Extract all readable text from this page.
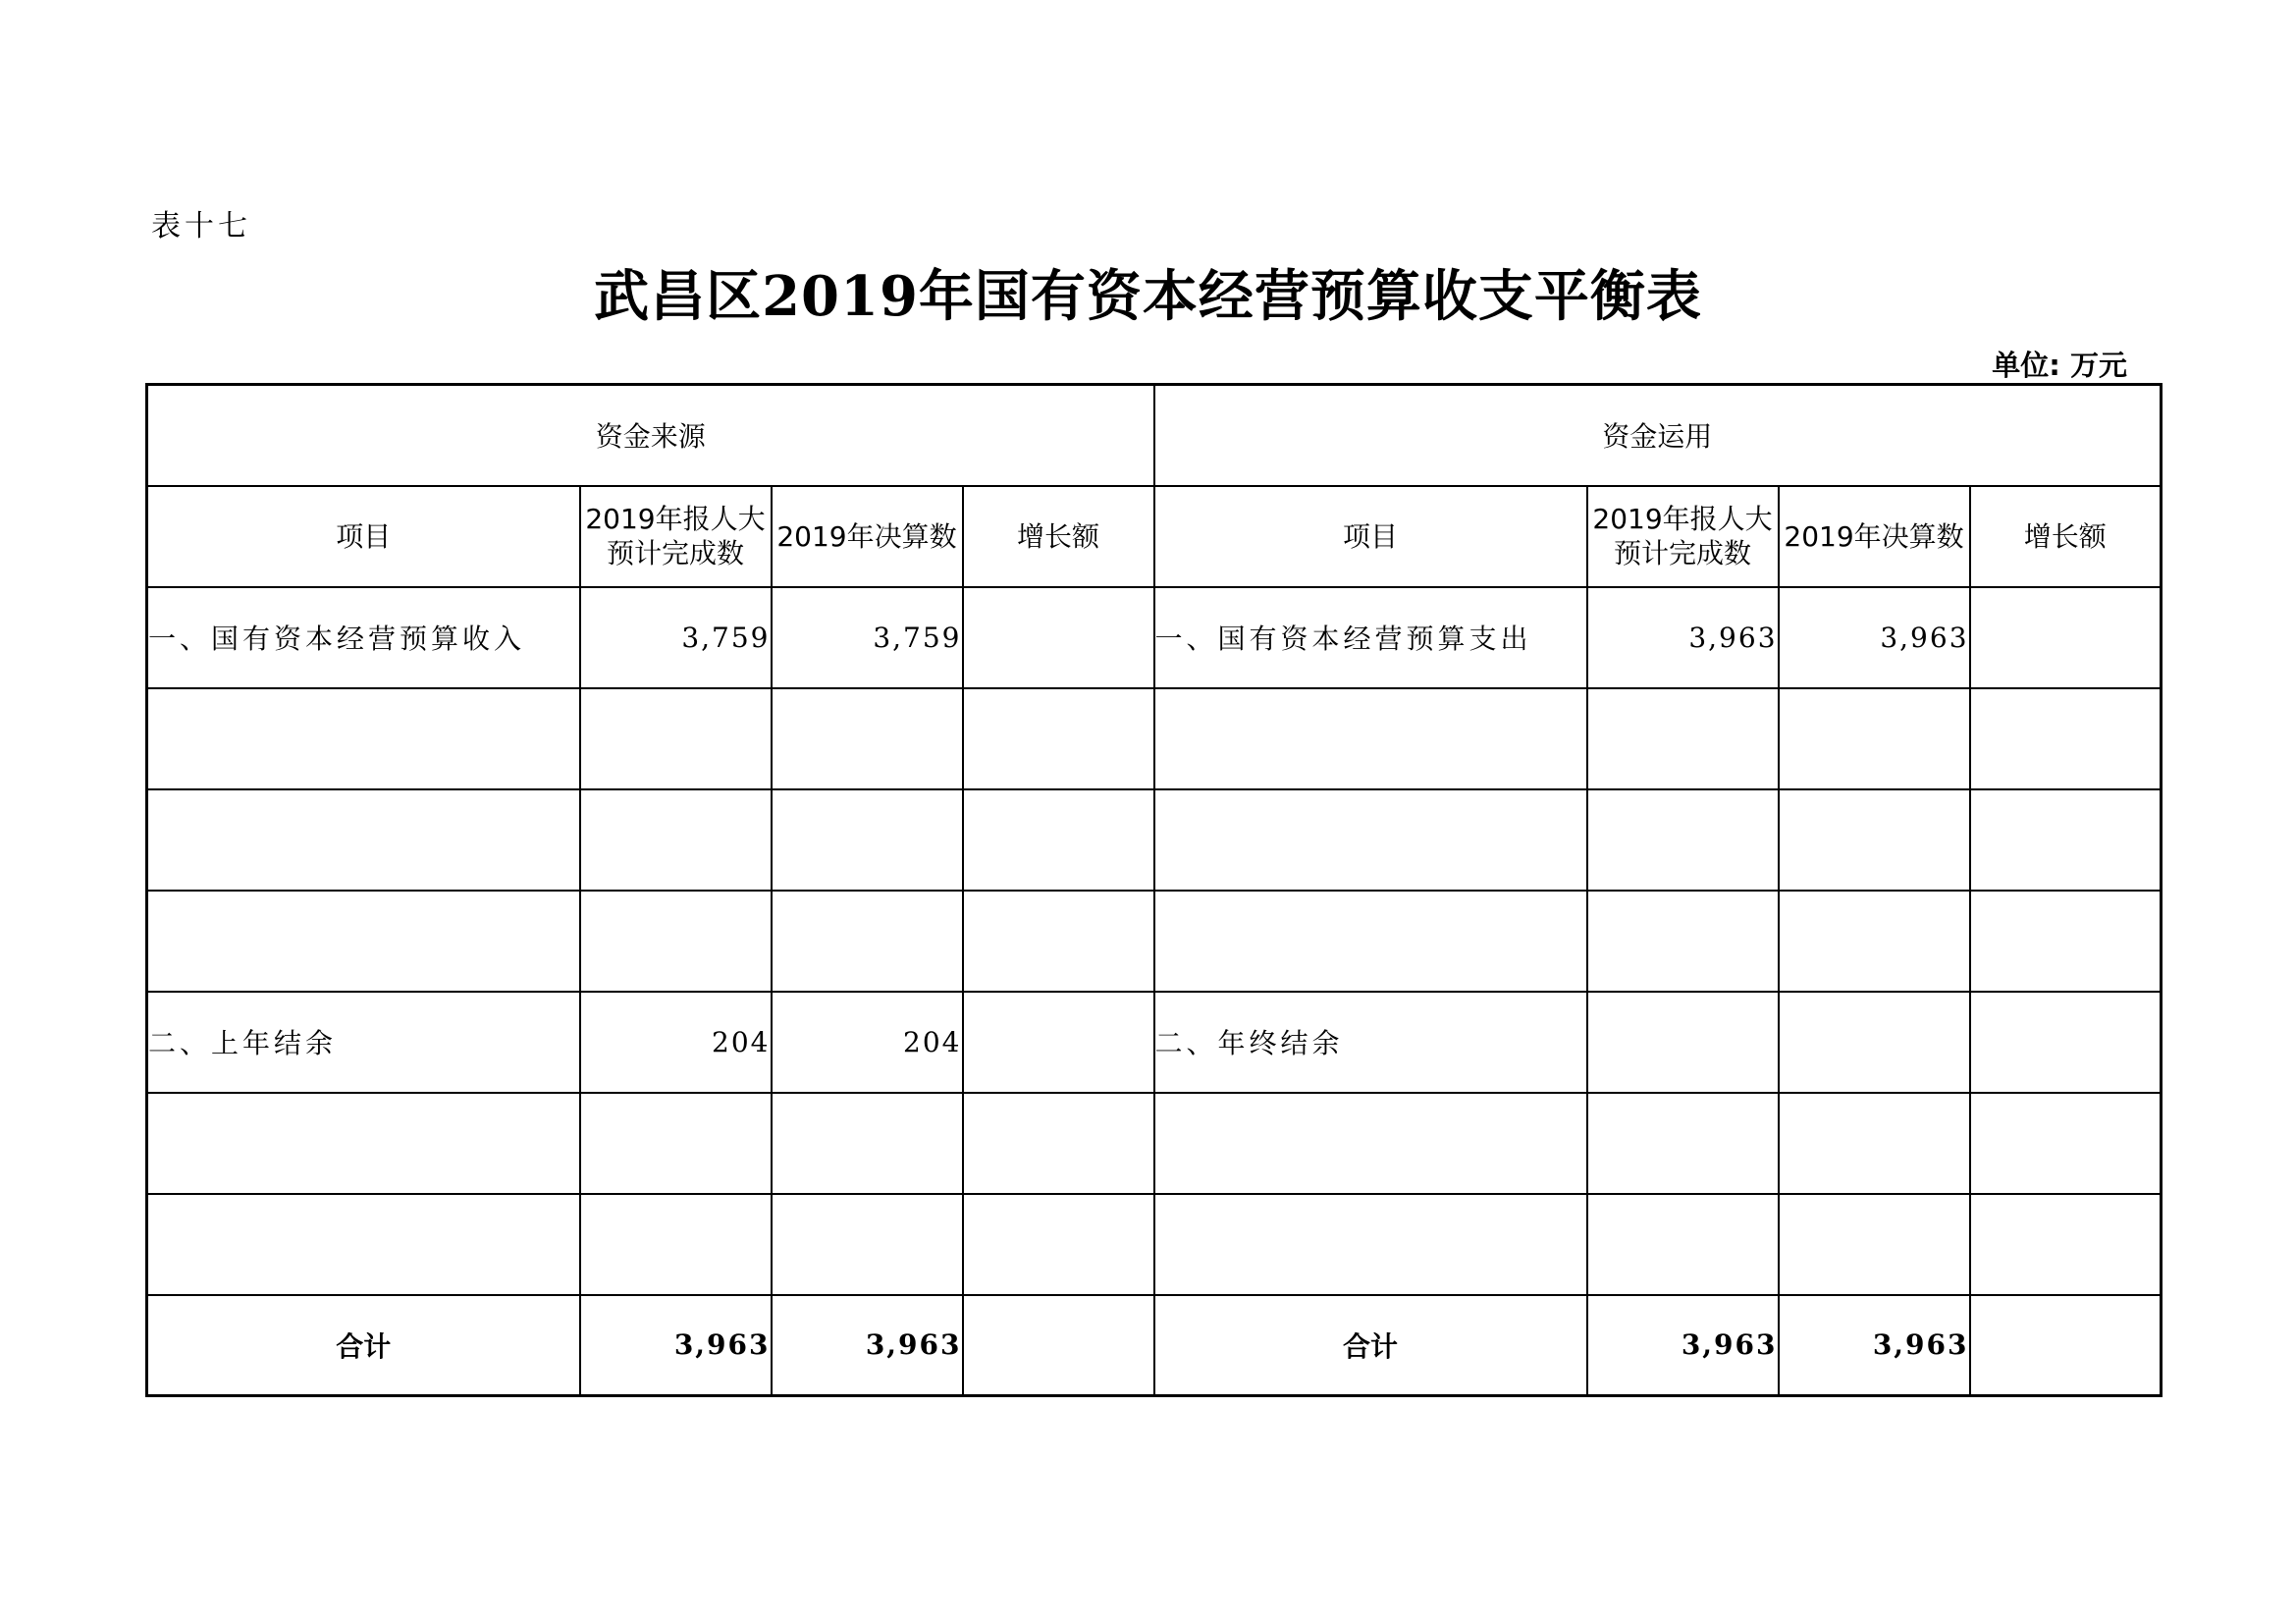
表十七
武昌区2019年国有资本经营预算收支平衡表
单位: 万元
资金来源				资金运用			
项目	2019年报人大预计完成数	2019年决算数	增长额	项目	2019年报人大预计完成数	2019年决算数	增长额
一、国有资本经营预算收入	3,759	3,759		一、国有资本经营预算支出	3,963	3,963	

二、上年结余	204	204		二、年终结余			

合计	3,963	3,963		合计	3,963	3,963	
